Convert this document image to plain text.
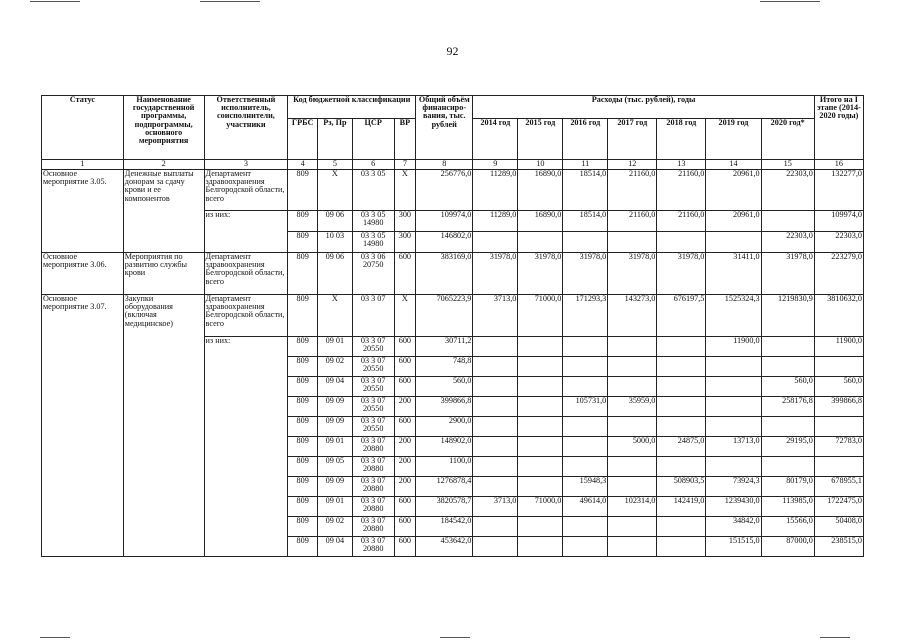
92
Статус	Наименование государственной программы, подпрограммы, основного мероприятия	Ответственный исполнитель, соисполнители, участники	Код бюджетной классификации				Общий объём финансиро-вания, тыс. рублей	Расходы (тыс. рублей), годы							Итого на I этапе (2014-2020 годы)
			ГРБС	Рз, Пр	ЦСР	ВР		2014 год	2015 год	2016 год	2017 год	2018 год	2019 год	2020 год*	
1	2	3	4	5	6	7	8	9	10	11	12	13	14	15	16
Основное мероприятие 3.05.	Денежные выплаты донорам за сдачу крови и ее компонентов	Департамент здравоохранения Белгородской области, всего	809	Х	03 3 05	Х	256776,0	11289,0	16890,0	18514,0	21160,0	21160,0	20961,0	22303,0	132277,0
		из них:	809	09 06	03 3 05 14980	300	109974,0	11289,0	16890,0	18514,0	21160,0	21160,0	20961,0		109974,0
			809	10 03	03 3 05 14980	300	146802,0							22303,0	22303,0
Основное мероприятие 3.06.	Мероприятия по развитию службы крови	Департамент здравоохранения Белгородской области, всего	809	09 06	03 3 06 20750	600	383169,0	31978,0	31978,0	31978,0	31978,0	31978,0	31411,0	31978,0	223279,0
Основное мероприятие 3.07.	Закупки оборудования (включая медицинское)	Департамент здравоохранения Белгородской области, всего	809	Х	03 3 07	Х	7065223,9	3713,0	71000,0	171293,3	143273,0	676197,5	1525324,3	1219830,9	3810632,0
		из них:	809	09 01	03 3 07 20550	600	30711,2						11900,0		11900,0
			809	09 02	03 3 07 20550	600	748,8								
			809	09 04	03 3 07 20550	600	560,0							560,0	560,0
			809	09 09	03 3 07 20550	200	399866,8			105731,0	35959,0			258176,8	399866,8
			809	09 09	03 3 07 20550	600	2900,0								
			809	09 01	03 3 07 20880	200	148902,0				5000,0	24875,0	13713,0	29195,0	72783,0
			809	09 05	03 3 07 20880	200	1100,0								
			809	09 09	03 3 07 20880	200	1276878,4			15948,3		508903,5	73924,3	80179,0	678955,1
			809	09 01	03 3 07 20880	600	3820578,7	3713,0	71000,0	49614,0	102314,0	142419,0	1239430,0	113985,0	1722475,0
			809	09 02	03 3 07 20880	600	184542,0						34842,0	15566,0	50408,0
			809	09 04	03 3 07 20880	600	453642,0						151515,0	87000,0	238515,0
